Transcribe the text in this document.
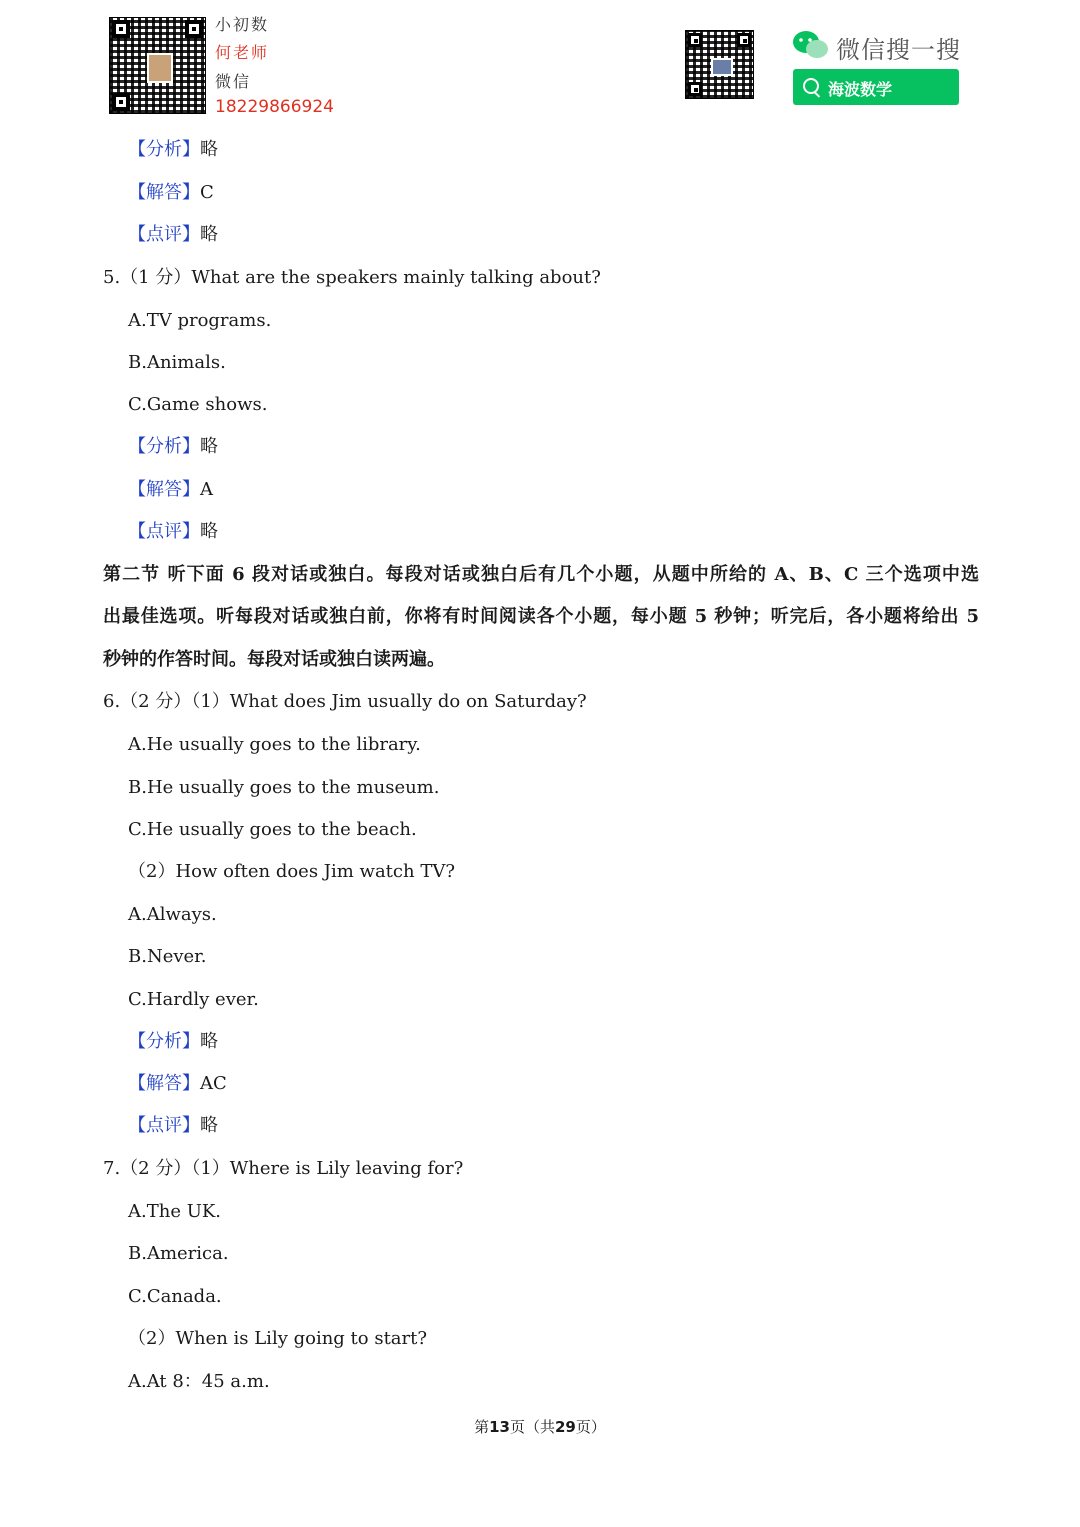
小初数
何老师
微信
18229866924
微信搜一搜
海波数学
【分析】略
【解答】C
【点评】略
5.（1 分）What are the speakers mainly talking about?
A.TV programs.
B.Animals.
C.Game shows.
【分析】略
【解答】A
【点评】略
第二节 听下面 6 段对话或独白。每段对话或独白后有几个小题，从题中所给的 A、B、C 三个选项中选
出最佳选项。听每段对话或独白前，你将有时间阅读各个小题，每小题 5 秒钟；听完后，各小题将给出 5
秒钟的作答时间。每段对话或独白读两遍。
6.（2 分）（1）What does Jim usually do on Saturday?
A.He usually goes to the library.
B.He usually goes to the museum.
C.He usually goes to the beach.
（2）How often does Jim watch TV?
A.Always.
B.Never.
C.Hardly ever.
【分析】略
【解答】AC
【点评】略
7.（2 分）（1）Where is Lily leaving for?
A.The UK.
B.America.
C.Canada.
（2）When is Lily going to start?
A.At 8：45 a.m.
第13页（共29页）
